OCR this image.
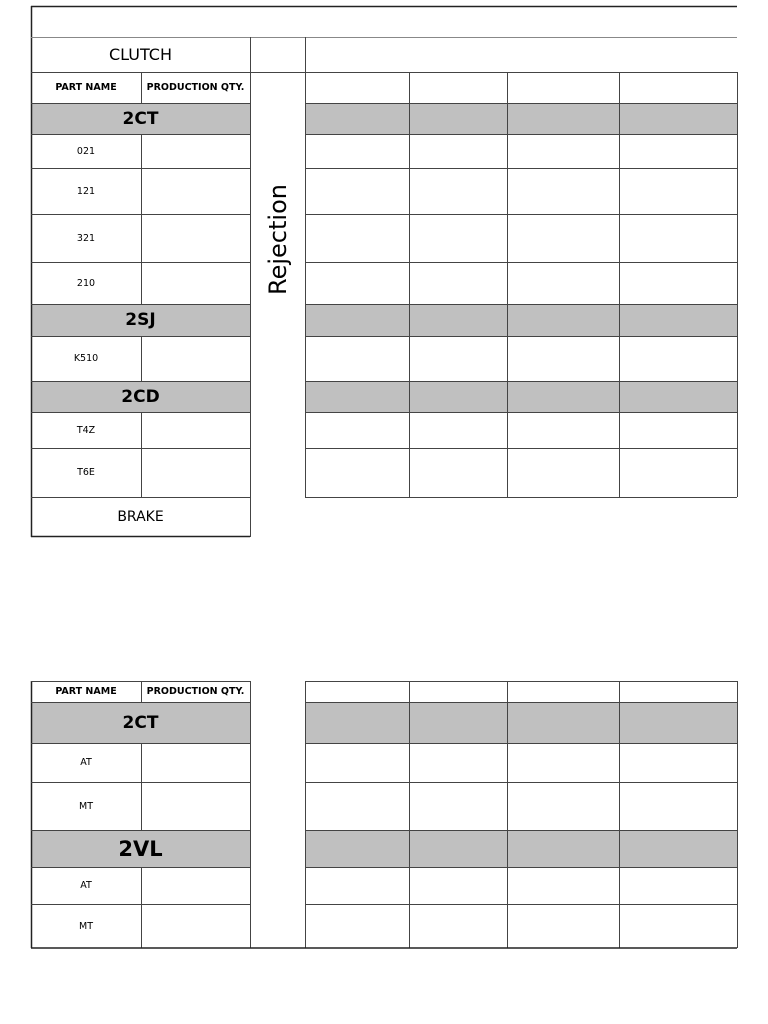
CLUTCH
PART NAME	PRODUCTION QTY.
Rejection
2CT
021
121
321
210
2SJ
K510
2CD
T4Z
T6E
BRAKE
PART NAME	PRODUCTION QTY.
2CT
AT
MT
2VL
AT
MT
